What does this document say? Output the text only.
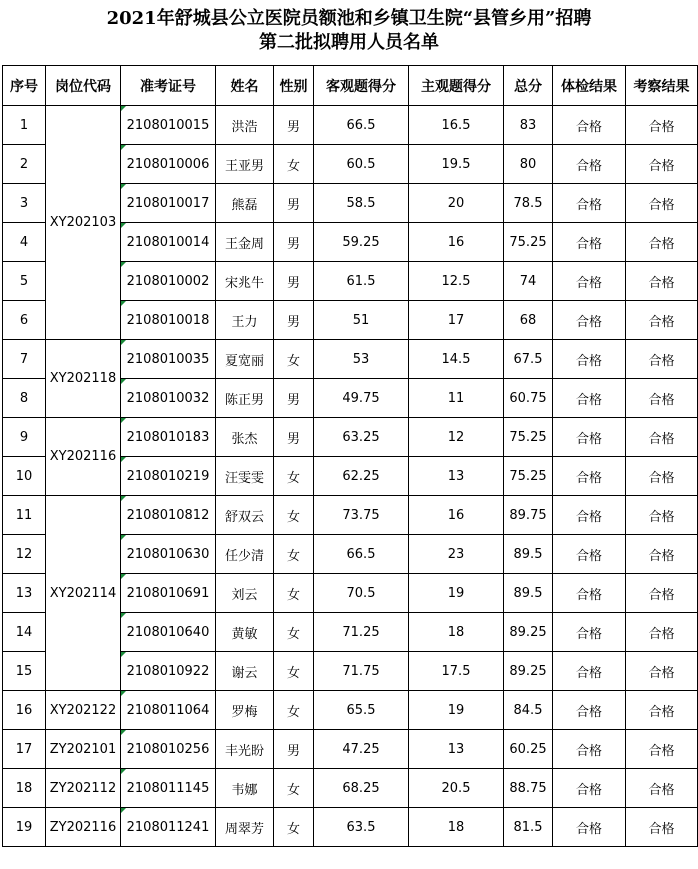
2021年舒城县公立医院员额池和乡镇卫生院“县管乡用”招聘
第二批拟聘用人员名单
序号	岗位代码	准考证号	姓名	性别	客观题得分	主观题得分	总分	体检结果	考察结果
1	XY202103	2108010015	洪浩	男	66.5	16.5	83	合格	合格
2		2108010006	王亚男	女	60.5	19.5	80	合格	合格
3		2108010017	熊磊	男	58.5	20	78.5	合格	合格
4		2108010014	王金周	男	59.25	16	75.25	合格	合格
5		2108010002	宋兆牛	男	61.5	12.5	74	合格	合格
6		2108010018	王力	男	51	17	68	合格	合格
7	XY202118	2108010035	夏宽丽	女	53	14.5	67.5	合格	合格
8		2108010032	陈正男	男	49.75	11	60.75	合格	合格
9	XY202116	2108010183	张杰	男	63.25	12	75.25	合格	合格
10		2108010219	汪雯雯	女	62.25	13	75.25	合格	合格
11	XY202114	2108010812	舒双云	女	73.75	16	89.75	合格	合格
12		2108010630	任少清	女	66.5	23	89.5	合格	合格
13		2108010691	刘云	女	70.5	19	89.5	合格	合格
14		2108010640	黄敏	女	71.25	18	89.25	合格	合格
15		2108010922	谢云	女	71.75	17.5	89.25	合格	合格
16	XY202122	2108011064	罗梅	女	65.5	19	84.5	合格	合格
17	ZY202101	2108010256	丰光盼	男	47.25	13	60.25	合格	合格
18	ZY202112	2108011145	韦娜	女	68.25	20.5	88.75	合格	合格
19	ZY202116	2108011241	周翠芳	女	63.5	18	81.5	合格	合格
